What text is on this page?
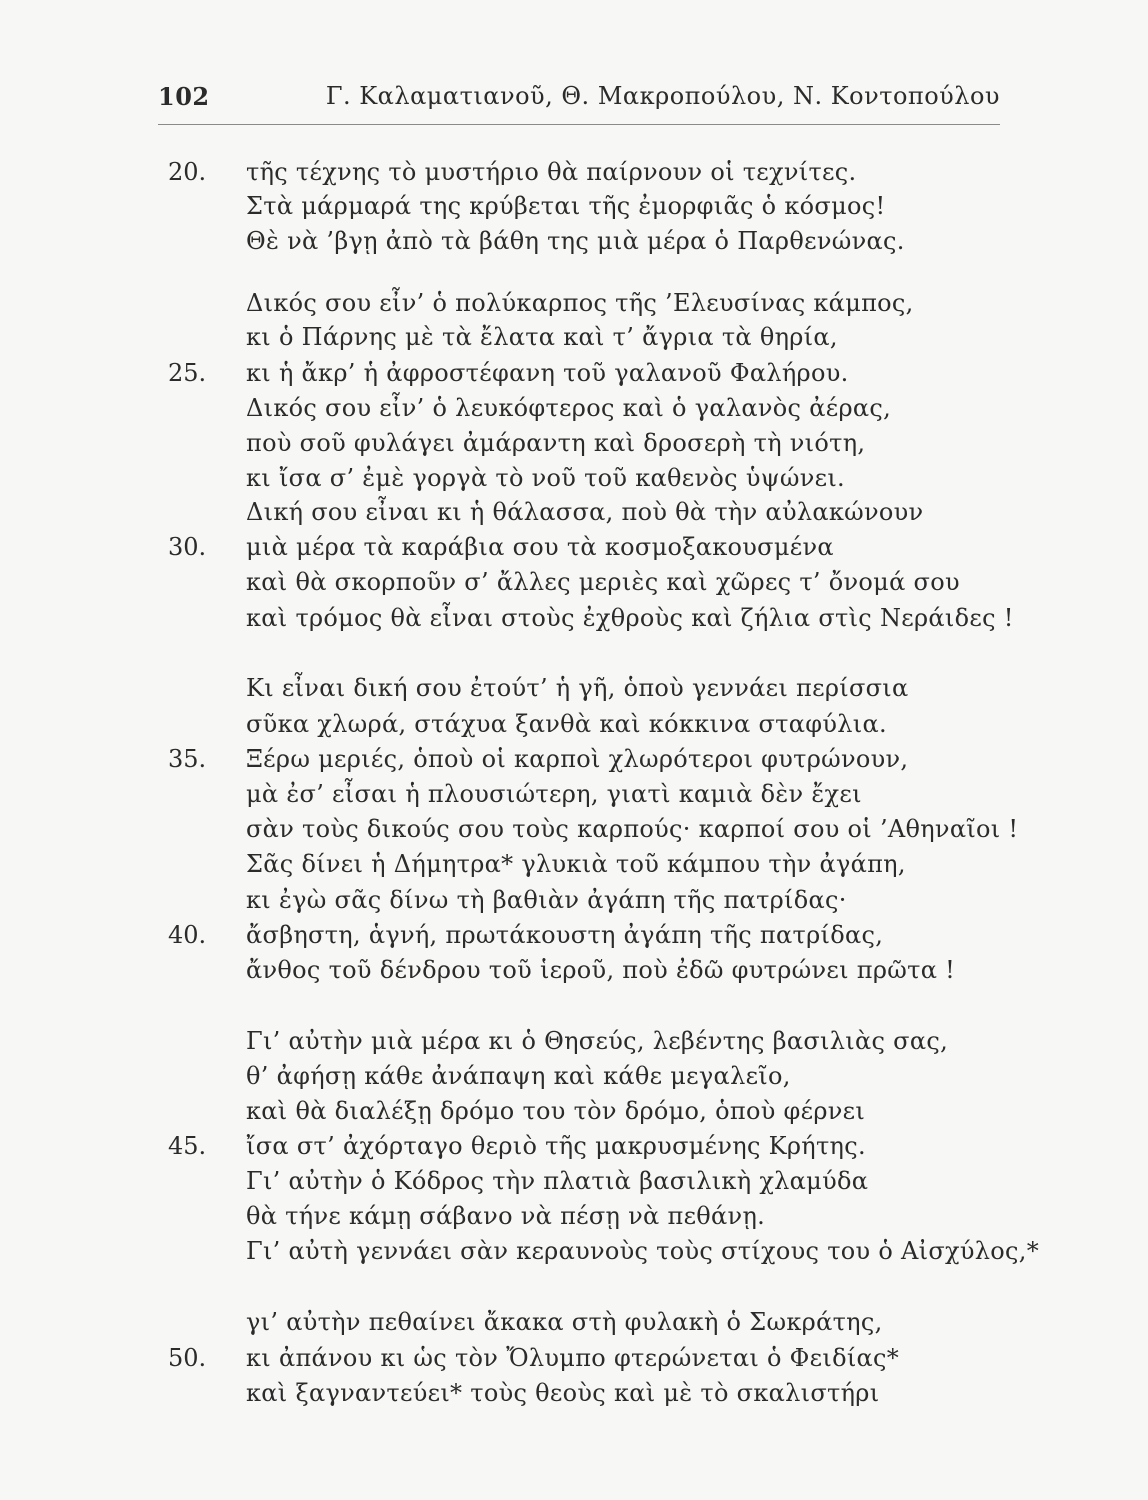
102	Γ. Καλαματιανοῦ, Θ. Μακροπούλου, Ν. Κοντοπούλου
20. τῆς τέχνης τὸ μυστήριο θὰ παίρνουν οἱ τεχνίτες.
Στὰ μάρμαρά της κρύβεται τῆς ἐμορφιᾶς ὁ κόσμος!
Θὲ νὰ ’βγῃ ἀπὸ τὰ βάθη της μιὰ μέρα ὁ Παρθενώνας.
Δικός σου εἶν’ ὁ πολύκαρπος τῆς ’Ελευσίνας κάμπος,
κι ὁ Πάρνης μὲ τὰ ἔλατα καὶ τ’ ἄγρια τὰ θηρία,
25. κι ἡ ἄκρ’ ἡ ἀφροστέφανη τοῦ γαλανοῦ Φαλήρου.
Δικός σου εἶν’ ὁ λευκόφτερος καὶ ὁ γαλανὸς ἀέρας,
ποὺ σοῦ φυλάγει ἀμάραντη καὶ δροσερὴ τὴ νιότη,
κι ἴσα σ’ ἐμὲ γοργὰ τὸ νοῦ τοῦ καθενὸς ὑψώνει.
Δική σου εἶναι κι ἡ θάλασσα, ποὺ θὰ τὴν αὐλακώνουν
30. μιὰ μέρα τὰ καράβια σου τὰ κοσμοξακουσμένα
καὶ θὰ σκορποῦν σ’ ἄλλες μεριὲς καὶ χῶρες τ’ ὄνομά σου
καὶ τρόμος θὰ εἶναι στοὺς ἐχθροὺς καὶ ζήλια στὶς Νεράιδες !
Κι εἶναι δική σου ἐτούτ’ ἡ γῆ, ὁποὺ γεννάει περίσσια
σῦκα χλωρά, στάχυα ξανθὰ καὶ κόκκινα σταφύλια.
35. Ξέρω μεριές, ὁποὺ οἱ καρποὶ χλωρότεροι φυτρώνουν,
μὰ ἐσ’ εἶσαι ἡ πλουσιώτερη, γιατὶ καμιὰ δὲν ἔχει
σὰν τοὺς δικούς σου τοὺς καρπούς· καρποί σου οἱ ’Αθηναῖοι !
Σᾶς δίνει ἡ Δήμητρα* γλυκιὰ τοῦ κάμπου τὴν ἀγάπη,
κι ἐγὼ σᾶς δίνω τὴ βαθιὰν ἀγάπη τῆς πατρίδας·
40. ἄσβηστη, ἁγνή, πρωτάκουστη ἀγάπη τῆς πατρίδας,
ἄνθος τοῦ δένδρου τοῦ ἱεροῦ, ποὺ ἐδῶ φυτρώνει πρῶτα !
Γι’ αὐτὴν μιὰ μέρα κι ὁ Θησεύς, λεβέντης βασιλιὰς σας,
θ’ ἀφήσῃ κάθε ἀνάπαψη καὶ κάθε μεγαλεῖο,
καὶ θὰ διαλέξῃ δρόμο του τὸν δρόμο, ὁποὺ φέρνει
45. ἴσα στ’ ἀχόρταγο θεριὸ τῆς μακρυσμένης Κρήτης.
Γι’ αὐτὴν ὁ Κόδρος τὴν πλατιὰ βασιλικὴ χλαμύδα
θὰ τήνε κάμῃ σάβανο νὰ πέσῃ νὰ πεθάνῃ.
Γι’ αὐτὴ γεννάει σὰν κεραυνοὺς τοὺς στίχους του ὁ Αἰσχύλος,*
γι’ αὐτὴν πεθαίνει ἄκακα στὴ φυλακὴ ὁ Σωκράτης,
50. κι ἀπάνου κι ὡς τὸν Ὄλυμπο φτερώνεται ὁ Φειδίας*
καὶ ξαγναντεύει* τοὺς θεοὺς καὶ μὲ τὸ σκαλιστήρι
